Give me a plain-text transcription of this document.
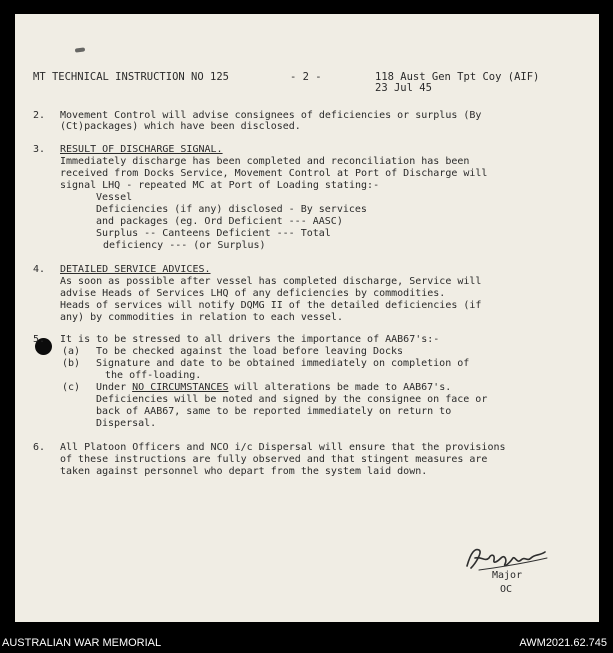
MT TECHNICAL INSTRUCTION NO 125	- 2 -	118 Aust Gen Tpt Coy (AIF)
23 Jul 45
2. Movement Control will advise consignees of deficiencies or surplus (By
(Ct)packages) which have been disclosed.
3. RESULT OF DISCHARGE SIGNAL.
Immediately discharge has been completed and reconciliation has been
received from Docks Service, Movement Control at Port of Discharge will
signal LHQ - repeated MC at Port of Loading stating:-
Vessel
Deficiencies (if any) disclosed - By services
and packages (eg. Ord Deficient --- AASC)
Surplus -- Canteens Deficient --- Total
deficiency --- (or Surplus)
4. DETAILED SERVICE ADVICES.
As soon as possible after vessel has completed discharge, Service will
advise Heads of Services LHQ of any deficiencies by commodities.
Heads of services will notify DQMG II of the detailed deficiencies (if
any) by commodities in relation to each vessel.
5. It is to be stressed to all drivers the importance of AAB67's:-
(a) To be checked against the load before leaving Docks
(b) Signature and date to be obtained immediately on completion of
the off-loading.
(c) Under NO CIRCUMSTANCES will alterations be made to AAB67's.
Deficiencies will be noted and signed by the consignee on face or
back of AAB67, same to be reported immediately on return to
Dispersal.
6. All Platoon Officers and NCO i/c Dispersal will ensure that the provisions
of these instructions are fully observed and that stingent measures are
taken against personnel who depart from the system laid down.
Major
OC
AUSTRALIAN WAR MEMORIAL	AWM2021.62.745
